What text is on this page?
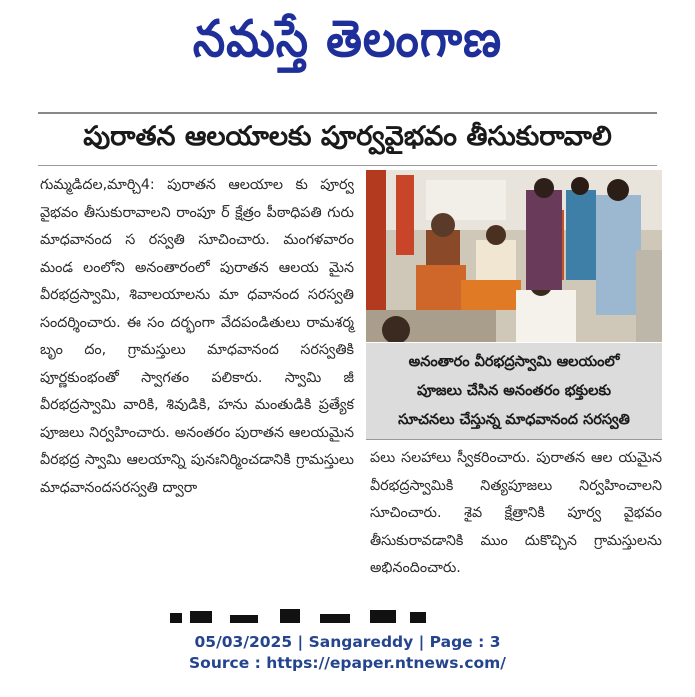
నమస్తే తెలంగాణ
పురాతన ఆలయాలకు పూర్వవైభవం తీసుకురావాలి

గుమ్మడిదల,మార్చి4: పురాతన ఆలయాల కు పూర్వ వైభవం తీసుకురావాలని రాంపూ ర్ క్షేత్రం పీఠాధిపతి గురు మాధవానంద స రస్వతి సూచించారు. మంగళవారం మండ లంలోని అనంతారంలో పురాతన ఆలయ మైన వీరభద్రస్వామి, శివాలయాలను మా ధవానంద సరస్వతి సందర్శించారు. ఈ సం దర్భంగా వేదపండితులు రామశర్మ బృం దం, గ్రామస్తులు మాధవానంద సరస్వతికి పూర్ణకుంభంతో స్వాగతం పలికారు. స్వామి జీ వీరభద్రస్వామి వారికి, శివుడికి, హను మంతుడికి ప్రత్యేక పూజలు నిర్వహించారు. అనంతరం పురాతన ఆలయమైన వీరభద్ర స్వామి ఆలయాన్ని పునఃనిర్మించడానికి గ్రామస్తులు మాధవానందసరస్వతి ద్వారా

అనంతారం వీరభద్రస్వామి ఆలయంలో
పూజలు చేసిన అనంతరం భక్తులకు
సూచనలు చేస్తున్న మాధవానంద సరస్వతి

పలు సలహాలు స్వీకరించారు. పురాతన ఆల యమైన వీరభద్రస్వామికి నిత్యపూజలు నిర్వహించాలని సూచించారు. శైవ క్షేత్రానికి పూర్వ వైభవం తీసుకురావడానికి ముం దుకొచ్చిన గ్రామస్తులను అభినందించారు.

05/03/2025 | Sangareddy | Page : 3
Source : https://epaper.ntnews.com/
